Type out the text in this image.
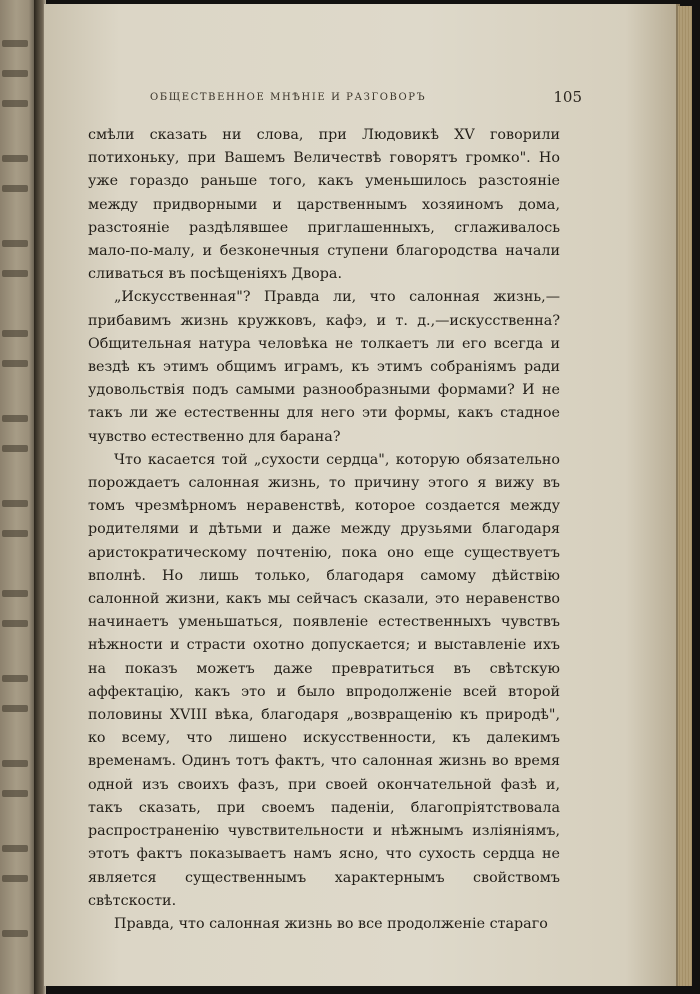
ОБЩЕСТВЕННОЕ МНѢНІЕ И РАЗГОВОРЪ	105

смѣли сказать ни слова, при Людовикѣ XV говорили потихоньку, при Вашемъ Величествѣ говорятъ громко". Но уже гораздо раньше того, какъ уменьшилось разстояніе между придворными и царственнымъ хозяиномъ дома, разстояніе раздѣлявшее приглашенныхъ, сглаживалось мало-по-малу, и безконечныя ступени благородства начали сливаться въ посѣщеніяхъ Двора.

„Искусственная"? Правда ли, что салонная жизнь,—прибавимъ жизнь кружковъ, кафэ, и т. д.,—искусственна? Общительная натура человѣка не толкаетъ ли его всегда и вездѣ къ этимъ общимъ играмъ, къ этимъ собраніямъ ради удовольствія подъ самыми разнообразными формами? И не такъ ли же естественны для него эти формы, какъ стадное чувство естественно для барана?

Что касается той „сухости сердца", которую обязательно порождаетъ салонная жизнь, то причину этого я вижу въ томъ чрезмѣрномъ неравенствѣ, которое создается между родителями и дѣтьми и даже между друзьями благодаря аристократическому почтенію, пока оно еще существуетъ вполнѣ. Но лишь только, благодаря самому дѣйствію салонной жизни, какъ мы сейчасъ сказали, это неравенство начинаетъ уменьшаться, появленіе естественныхъ чувствъ нѣжности и страсти охотно допускается; и выставленіе ихъ на показъ можетъ даже превратиться въ свѣтскую аффектацію, какъ это и было впродолженіе всей второй половины XVIII вѣка, благодаря „возвращенію къ природѣ", ко всему, что лишено искусственности, къ далекимъ временамъ. Одинъ тотъ фактъ, что салонная жизнь во время одной изъ своихъ фазъ, при своей окончательной фазѣ и, такъ сказать, при своемъ паденіи, благопріятствовала распространенію чувствительности и нѣжнымъ изліяніямъ, этотъ фактъ показываетъ намъ ясно, что сухость сердца не является существеннымъ характернымъ свойствомъ свѣтскости.

Правда, что салонная жизнь во все продолженіе стараго
